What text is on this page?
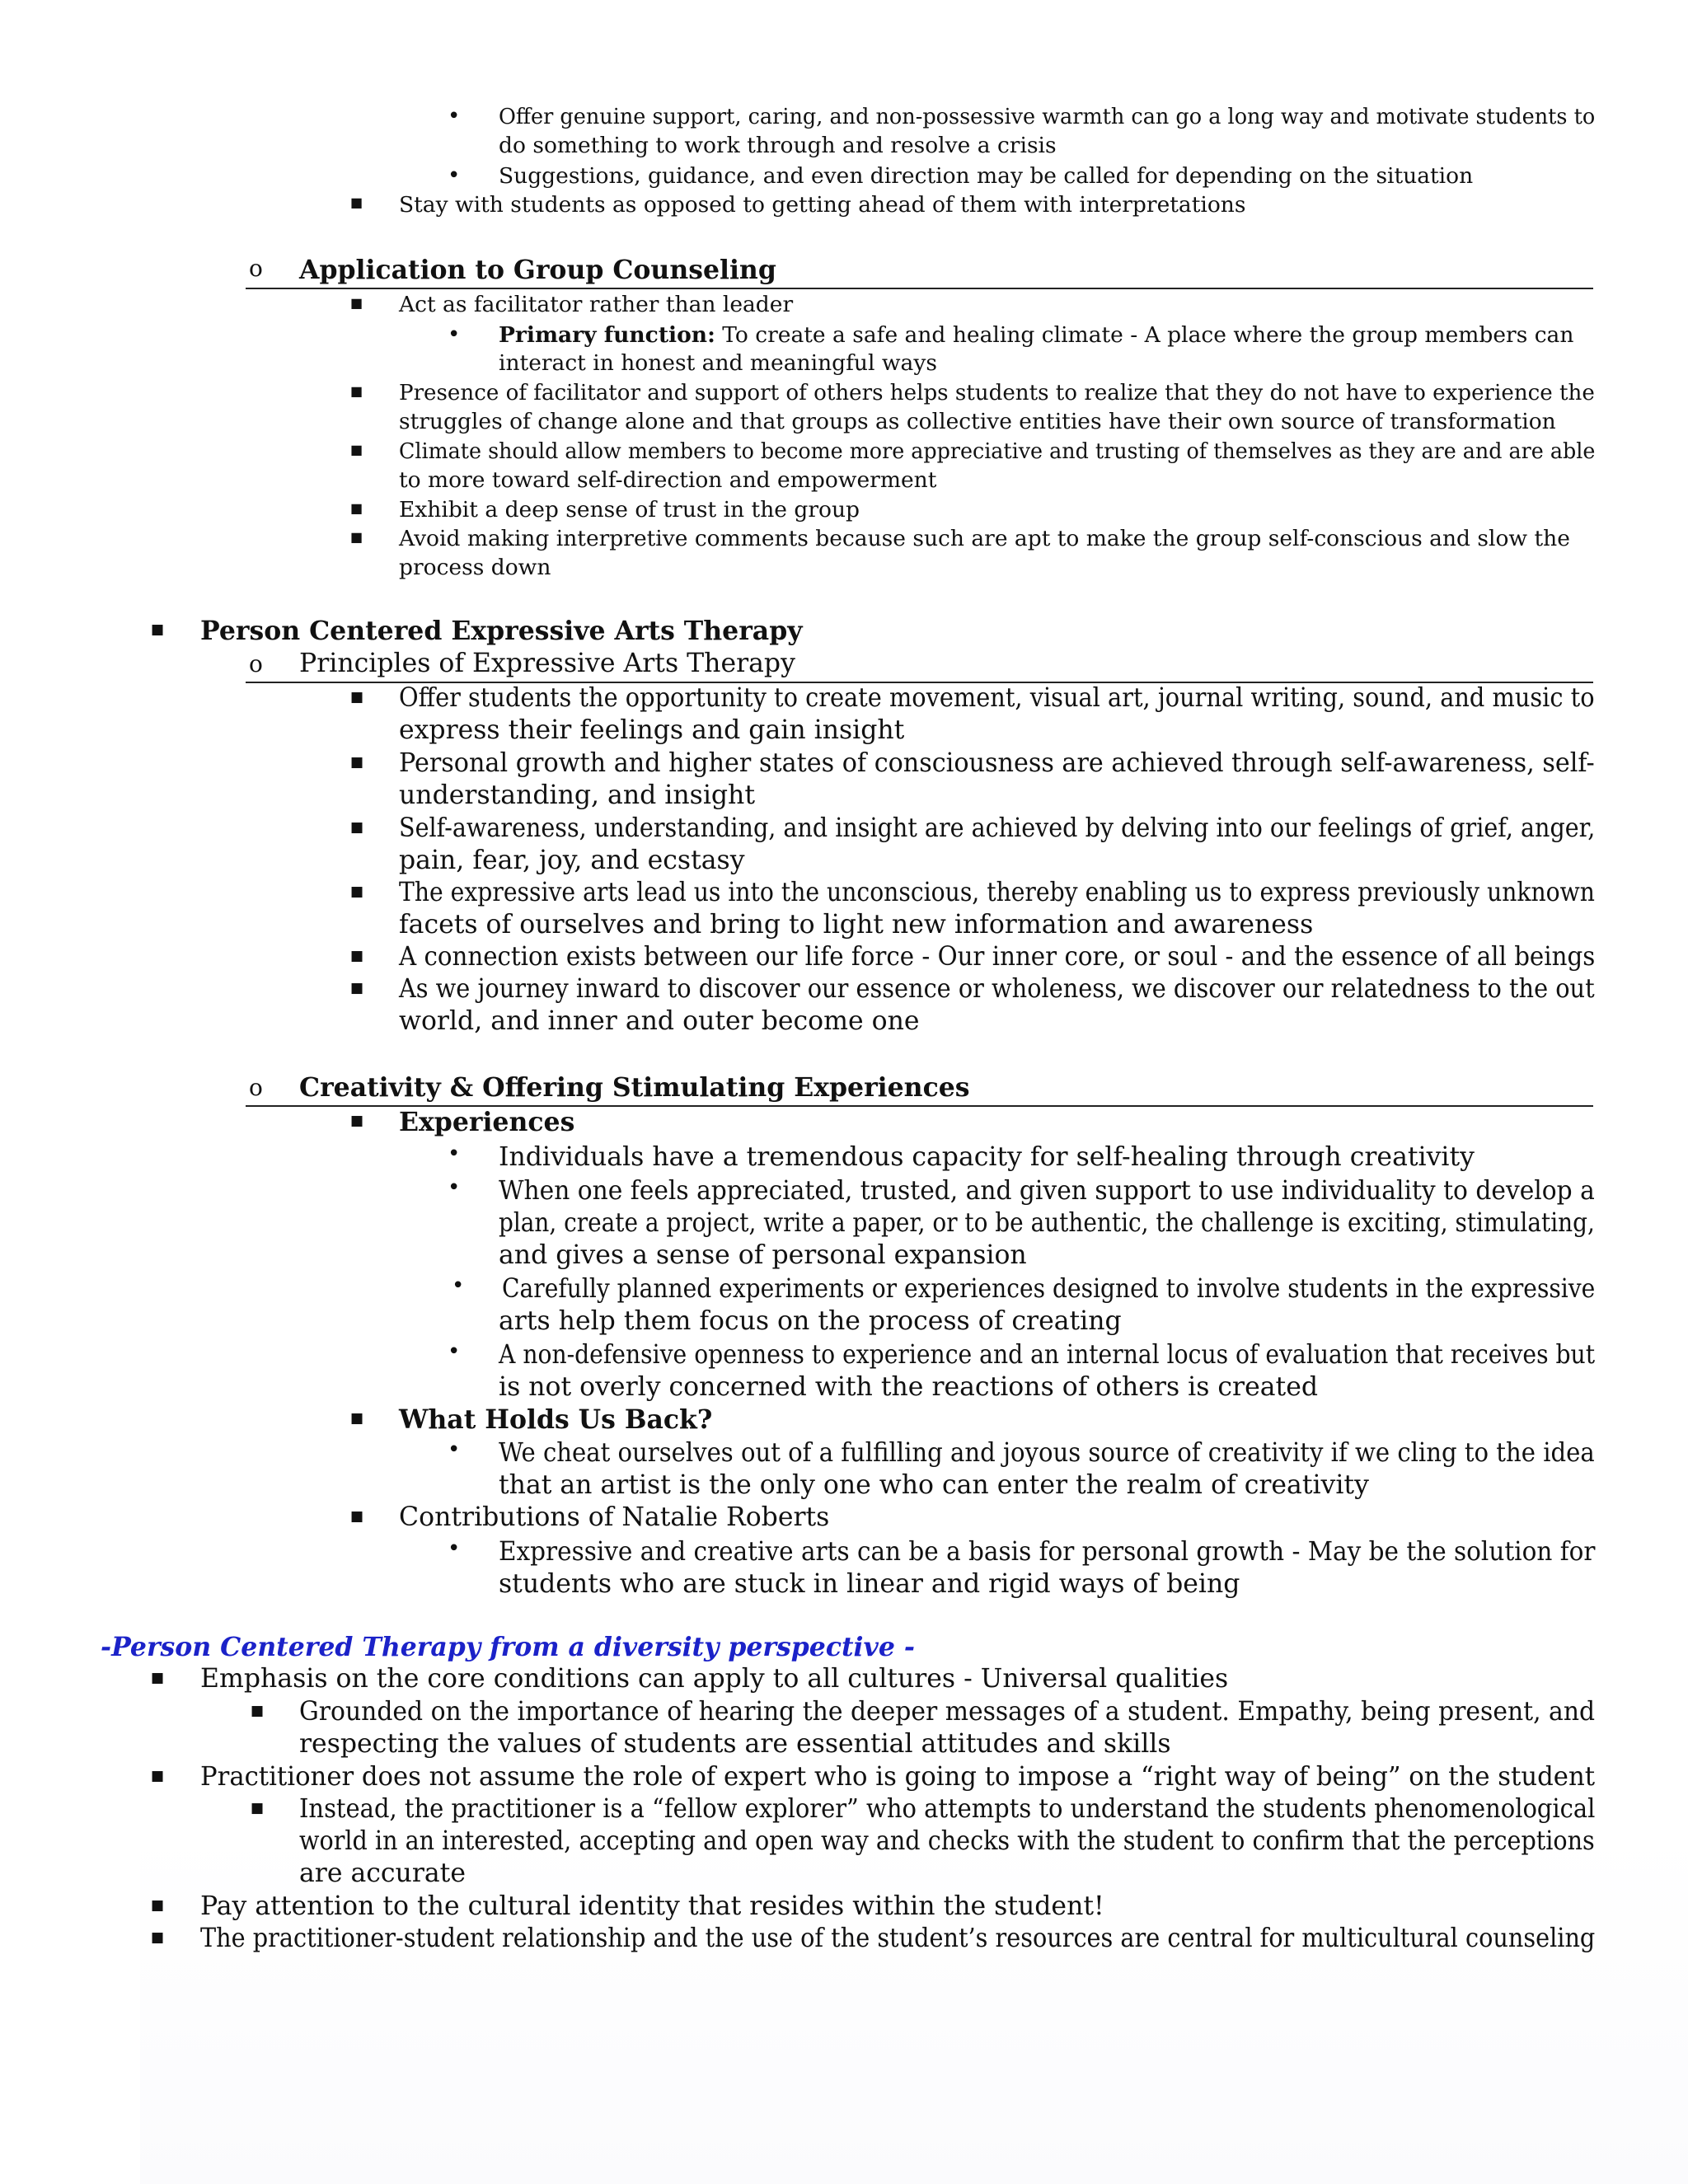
• Offer genuine support, caring, and non-possessive warmth can go a long way and motivate students to
do something to work through and resolve a crisis
• Suggestions, guidance, and even direction may be called for depending on the situation
■ Stay with students as opposed to getting ahead of them with interpretations
o Application to Group Counseling
■ Act as facilitator rather than leader
• Primary function: To create a safe and healing climate - A place where the group members can
interact in honest and meaningful ways
■ Presence of facilitator and support of others helps students to realize that they do not have to experience the
struggles of change alone and that groups as collective entities have their own source of transformation
■ Climate should allow members to become more appreciative and trusting of themselves as they are and are able
to more toward self-direction and empowerment
■ Exhibit a deep sense of trust in the group
■ Avoid making interpretive comments because such are apt to make the group self-conscious and slow the
process down
■ Person Centered Expressive Arts Therapy
o Principles of Expressive Arts Therapy
■ Offer students the opportunity to create movement, visual art, journal writing, sound, and music to
express their feelings and gain insight
■ Personal growth and higher states of consciousness are achieved through self-awareness, self-
understanding, and insight
■ Self-awareness, understanding, and insight are achieved by delving into our feelings of grief, anger,
pain, fear, joy, and ecstasy
■ The expressive arts lead us into the unconscious, thereby enabling us to express previously unknown
facets of ourselves and bring to light new information and awareness
■ A connection exists between our life force - Our inner core, or soul - and the essence of all beings
■ As we journey inward to discover our essence or wholeness, we discover our relatedness to the out
world, and inner and outer become one
o Creativity & Offering Stimulating Experiences
■ Experiences
• Individuals have a tremendous capacity for self-healing through creativity
• When one feels appreciated, trusted, and given support to use individuality to develop a
plan, create a project, write a paper, or to be authentic, the challenge is exciting, stimulating,
and gives a sense of personal expansion
• Carefully planned experiments or experiences designed to involve students in the expressive
arts help them focus on the process of creating
• A non-defensive openness to experience and an internal locus of evaluation that receives but
is not overly concerned with the reactions of others is created
■ What Holds Us Back?
• We cheat ourselves out of a fulfilling and joyous source of creativity if we cling to the idea
that an artist is the only one who can enter the realm of creativity
■ Contributions of Natalie Roberts
• Expressive and creative arts can be a basis for personal growth - May be the solution for
students who are stuck in linear and rigid ways of being
-Person Centered Therapy from a diversity perspective -
■ Emphasis on the core conditions can apply to all cultures - Universal qualities
■ Grounded on the importance of hearing the deeper messages of a student. Empathy, being present, and
respecting the values of students are essential attitudes and skills
■ Practitioner does not assume the role of expert who is going to impose a “right way of being” on the student
■ Instead, the practitioner is a “fellow explorer” who attempts to understand the students phenomenological
world in an interested, accepting and open way and checks with the student to confirm that the perceptions
are accurate
■ Pay attention to the cultural identity that resides within the student!
■ The practitioner-student relationship and the use of the student’s resources are central for multicultural counseling
